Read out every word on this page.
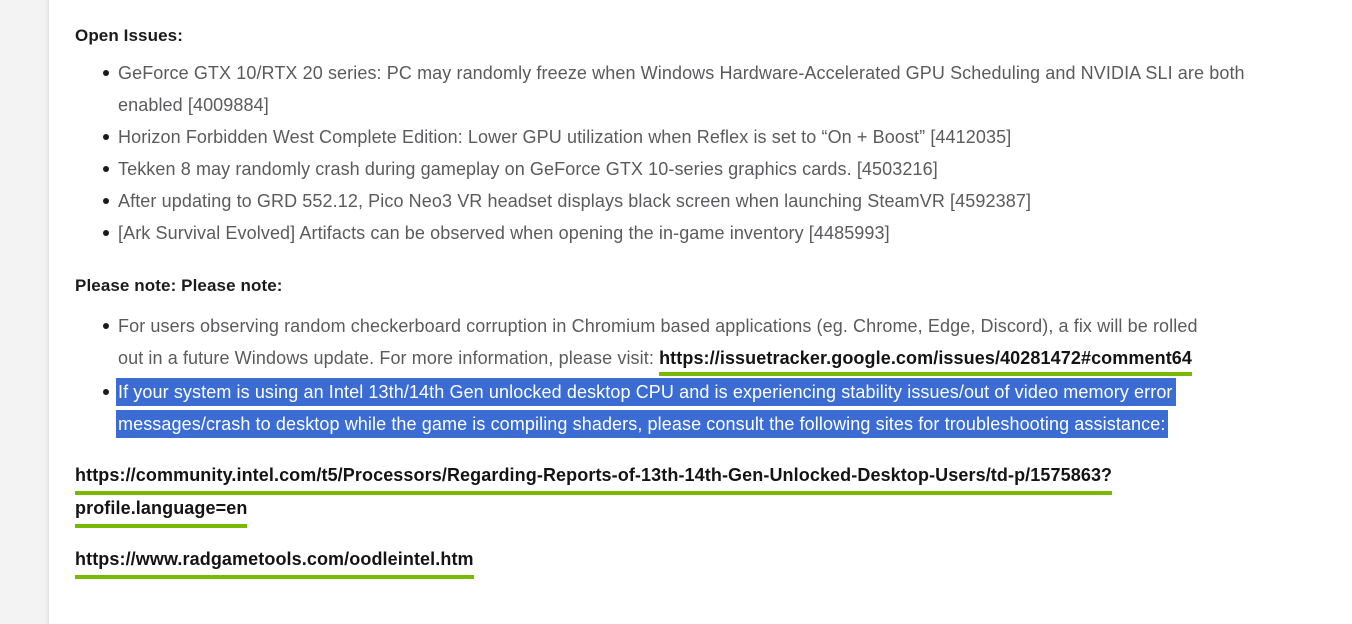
Open Issues:
GeForce GTX 10/RTX 20 series: PC may randomly freeze when Windows Hardware-Accelerated GPU Scheduling and NVIDIA SLI are both
enabled [4009884]
Horizon Forbidden West Complete Edition: Lower GPU utilization when Reflex is set to “On + Boost” [4412035]
Tekken 8 may randomly crash during gameplay on GeForce GTX 10-series graphics cards. [4503216]
After updating to GRD 552.12, Pico Neo3 VR headset displays black screen when launching SteamVR [4592387]
[Ark Survival Evolved] Artifacts can be observed when opening the in-game inventory [4485993]
Please note: Please note:
For users observing random checkerboard corruption in Chromium based applications (eg. Chrome, Edge, Discord), a fix will be rolled
out in a future Windows update. For more information, please visit: https://issuetracker.google.com/issues/40281472#comment64
If your system is using an Intel 13th/14th Gen unlocked desktop CPU and is experiencing stability issues/out of video memory error
messages/crash to desktop while the game is compiling shaders, please consult the following sites for troubleshooting assistance:
https://community.intel.com/t5/Processors/Regarding-Reports-of-13th-14th-Gen-Unlocked-Desktop-Users/td-p/1575863?
profile.language=en
https://www.radgametools.com/oodleintel.htm
